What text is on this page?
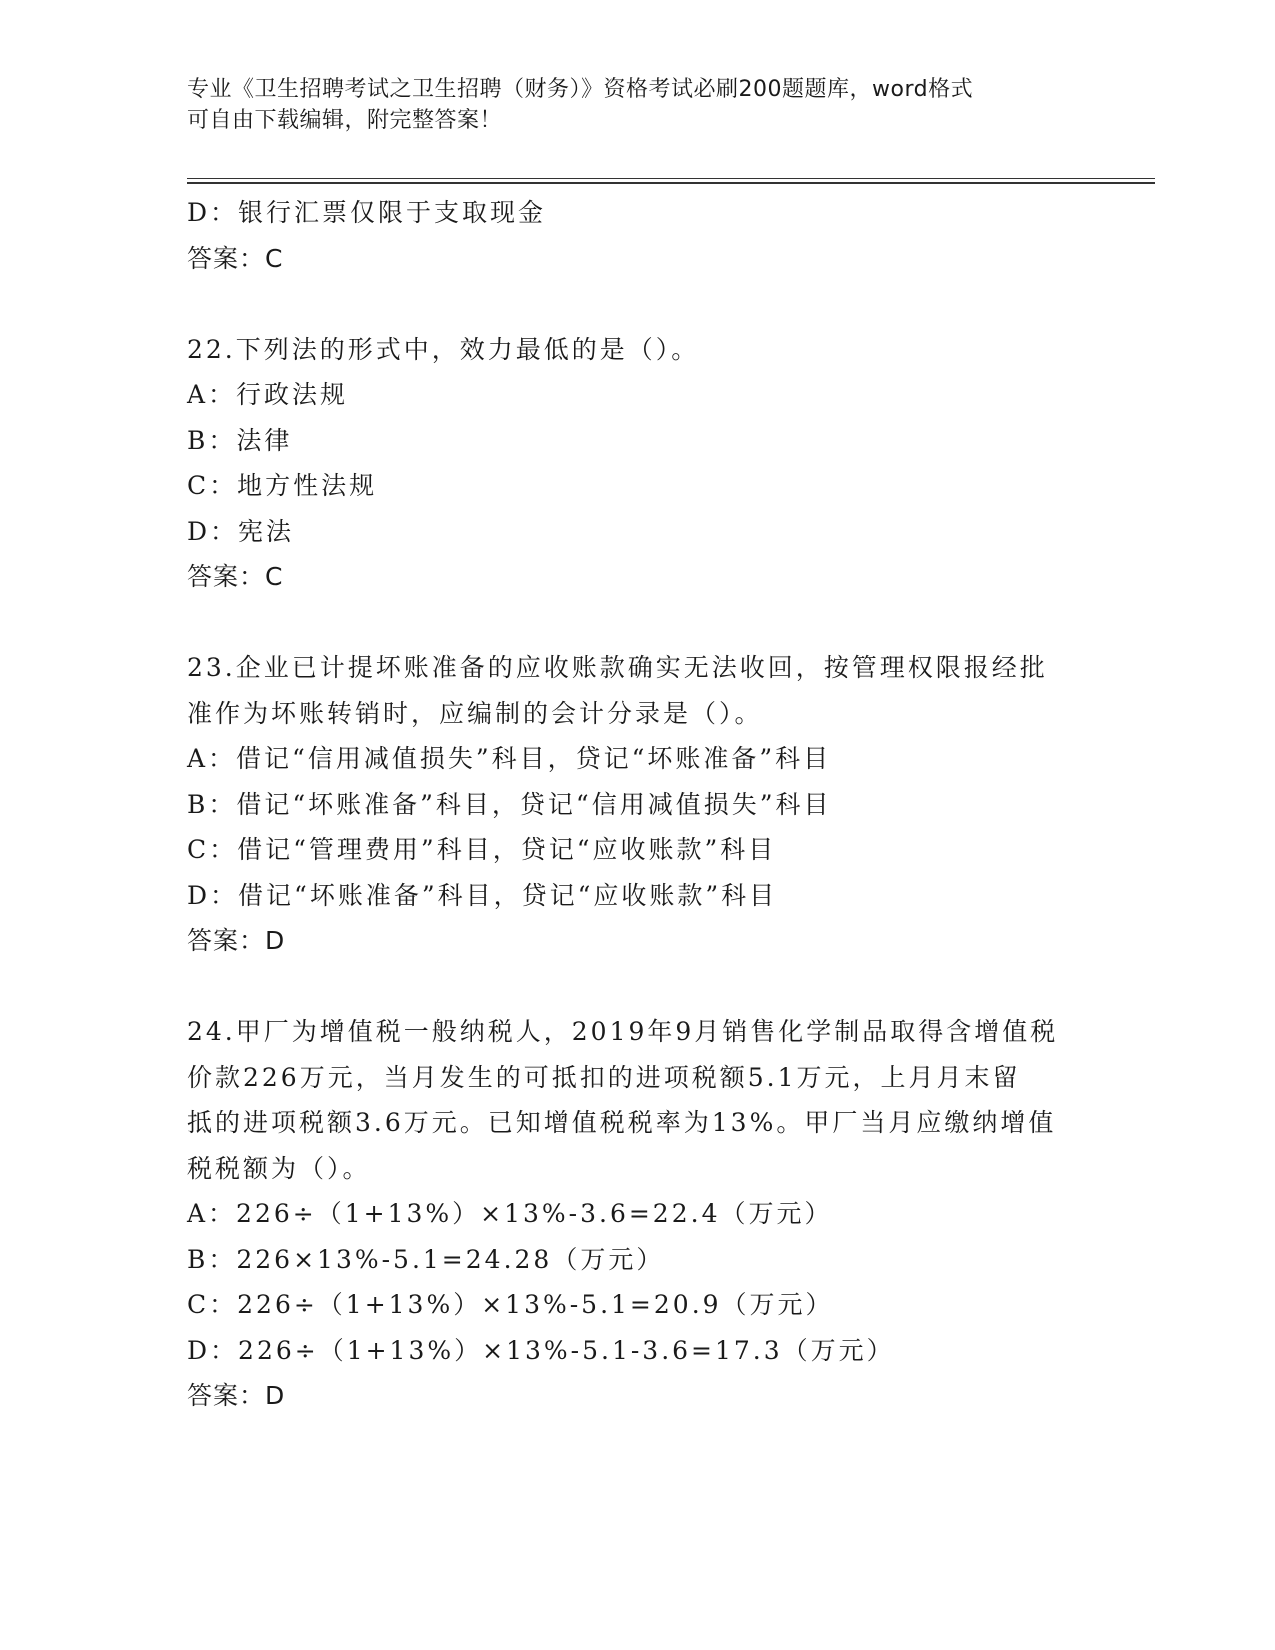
专业《卫生招聘考试之卫生招聘（财务）》资格考试必刷200题题库，word格式
可自由下载编辑，附完整答案！
D：银行汇票仅限于支取现金
答案：C
22.下列法的形式中，效力最低的是（）。
A：行政法规
B：法律
C：地方性法规
D：宪法
答案：C
23.企业已计提坏账准备的应收账款确实无法收回，按管理权限报经批
准作为坏账转销时，应编制的会计分录是（）。
A：借记“信用减值损失”科目，贷记“坏账准备”科目
B：借记“坏账准备”科目，贷记“信用减值损失”科目
C：借记“管理费用”科目，贷记“应收账款”科目
D：借记“坏账准备”科目，贷记“应收账款”科目
答案：D
24.甲厂为增值税一般纳税人，2019年9月销售化学制品取得含增值税
价款226万元，当月发生的可抵扣的进项税额5.1万元，上月月末留
抵的进项税额3.6万元。已知增值税税率为13%。甲厂当月应缴纳增值
税税额为（）。
A：226÷（1+13%）×13%-3.6=22.4（万元）
B：226×13%-5.1=24.28（万元）
C：226÷（1+13%）×13%-5.1=20.9（万元）
D：226÷（1+13%）×13%-5.1-3.6=17.3（万元）
答案：D
